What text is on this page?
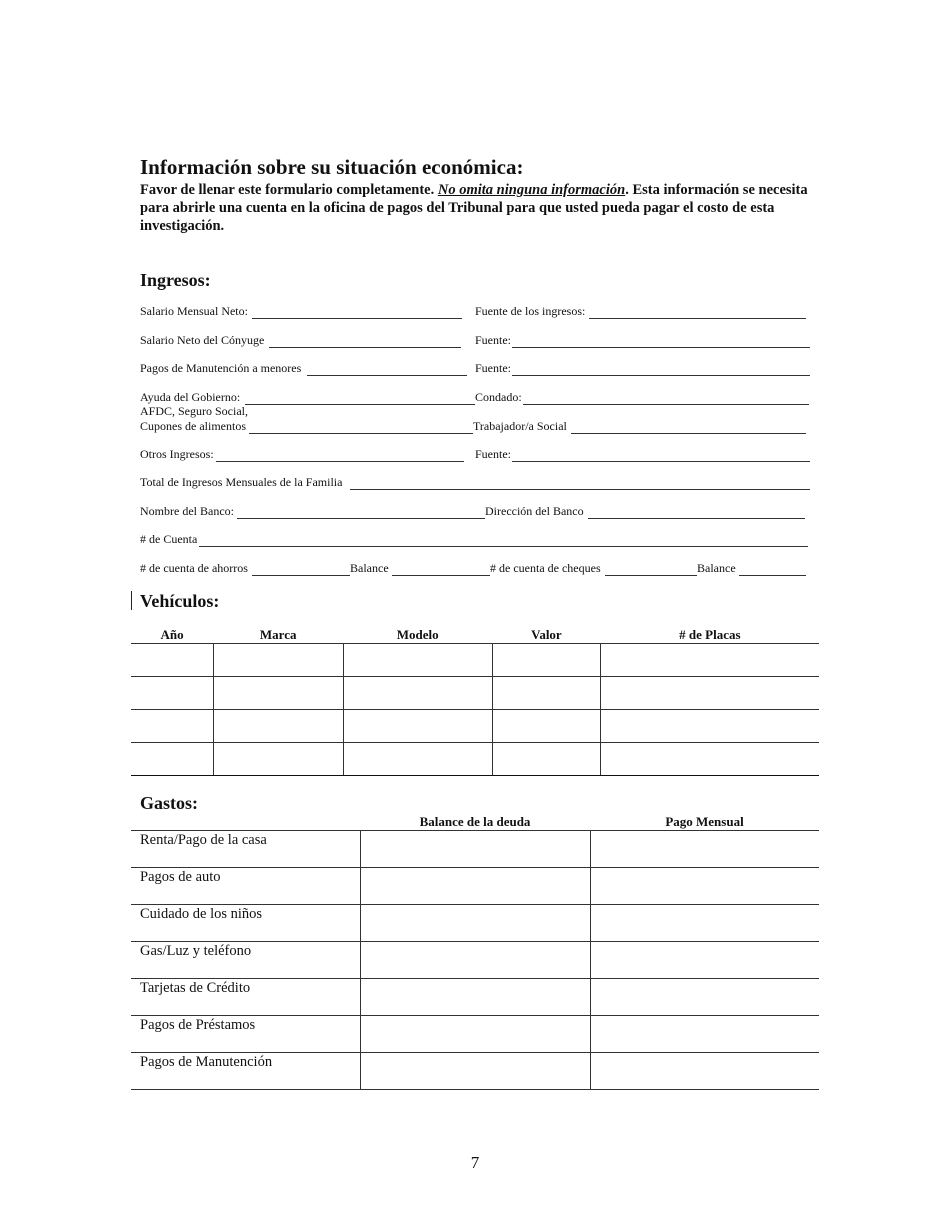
Información sobre su situación económica:
Favor de llenar este formulario completamente. No omita ninguna información. Esta información se necesita para abrirle una cuenta en la oficina de pagos del Tribunal para que usted pueda pagar el costo de esta investigación.
Ingresos:
Salario Mensual Neto:	Fuente de los ingresos:
Salario Neto del Cónyuge	Fuente:
Pagos de Manutención a menores	Fuente:
Ayuda del Gobierno:	Condado:
AFDC, Seguro Social,
Cupones de alimentos	Trabajador/a Social
Otros Ingresos:	Fuente:
Total de Ingresos Mensuales de la Familia
Nombre del Banco:	Dirección del Banco
# de Cuenta
# de cuenta de ahorros	Balance	# de cuenta de cheques	Balance
Vehículos:
Año	Marca	Modelo	Valor	# de Placas

Gastos:
	Balance de la deuda	Pago Mensual
Renta/Pago de la casa		
Pagos de auto		
Cuidado de los niños		
Gas/Luz y teléfono		
Tarjetas de Crédito		
Pagos de Préstamos		
Pagos de Manutención		
7
